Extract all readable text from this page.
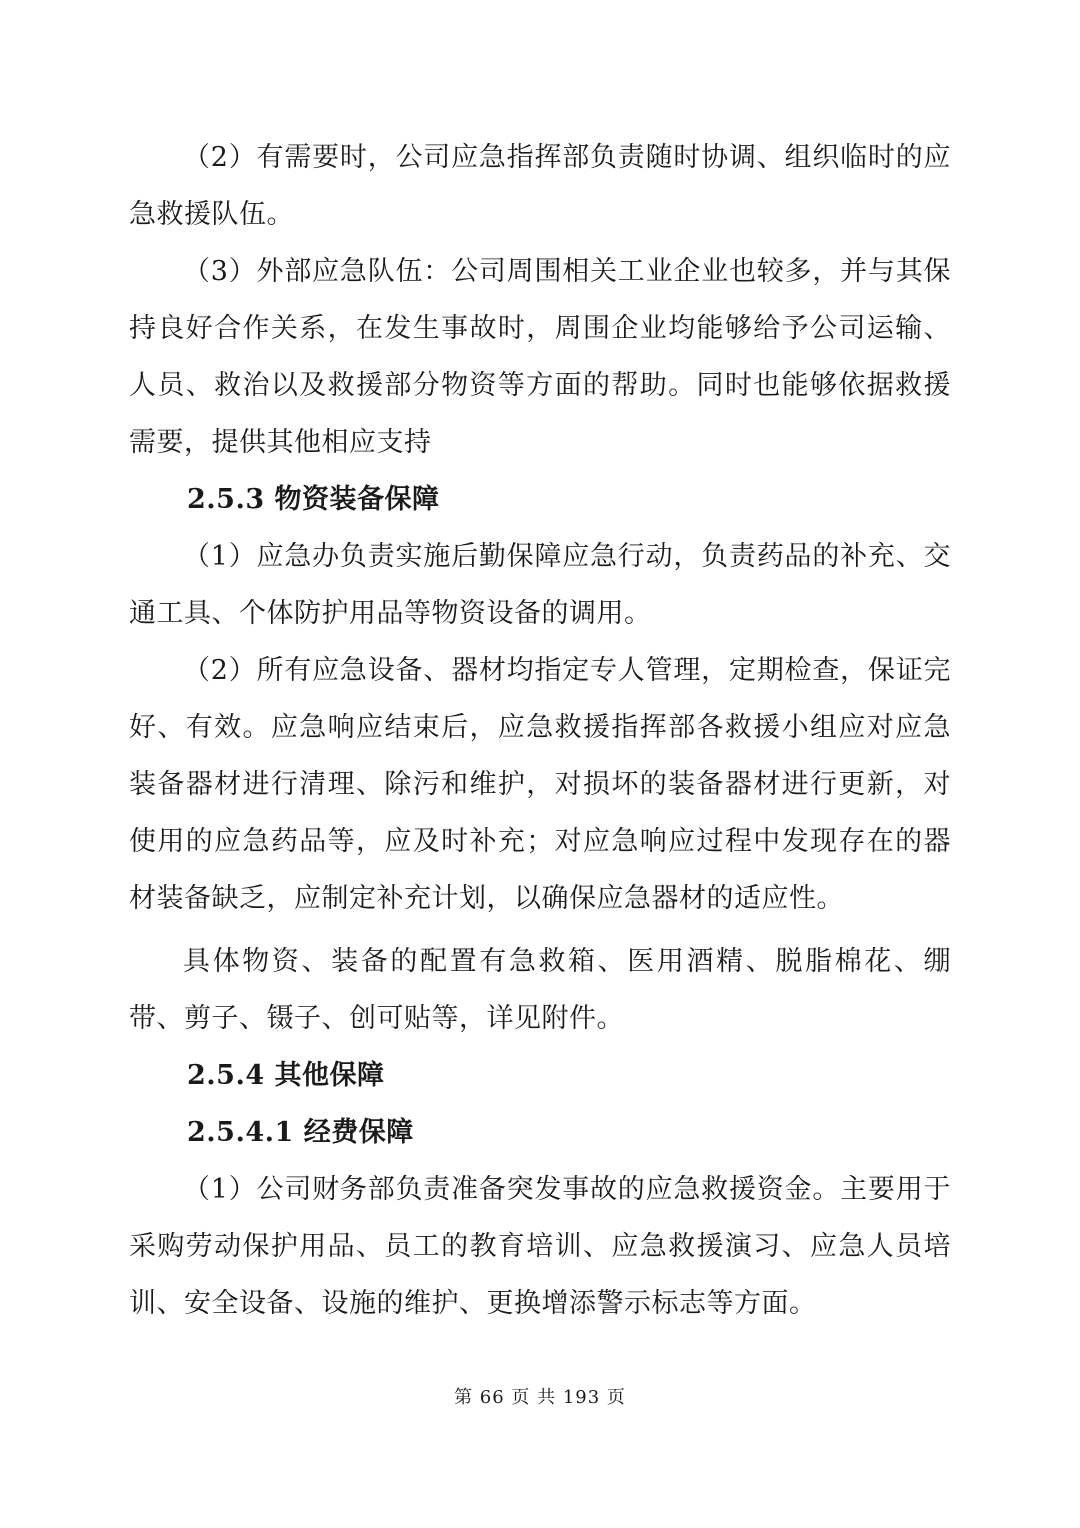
（2）有需要时，公司应急指挥部负责随时协调、组织临时的应急救援队伍。

（3）外部应急队伍：公司周围相关工业企业也较多，并与其保持良好合作关系，在发生事故时，周围企业均能够给予公司运输、人员、救治以及救援部分物资等方面的帮助。同时也能够依据救援需要，提供其他相应支持

2.5.3 物资装备保障

（1）应急办负责实施后勤保障应急行动，负责药品的补充、交通工具、个体防护用品等物资设备的调用。

（2）所有应急设备、器材均指定专人管理，定期检查，保证完好、有效。应急响应结束后，应急救援指挥部各救援小组应对应急装备器材进行清理、除污和维护，对损坏的装备器材进行更新，对使用的应急药品等，应及时补充；对应急响应过程中发现存在的器材装备缺乏，应制定补充计划，以确保应急器材的适应性。

具体物资、装备的配置有急救箱、医用酒精、脱脂棉花、绷带、剪子、镊子、创可贴等，详见附件。

2.5.4 其他保障

2.5.4.1 经费保障

（1）公司财务部负责准备突发事故的应急救援资金。主要用于采购劳动保护用品、员工的教育培训、应急救援演习、应急人员培训、安全设备、设施的维护、更换增添警示标志等方面。

第 66 页 共 193 页
